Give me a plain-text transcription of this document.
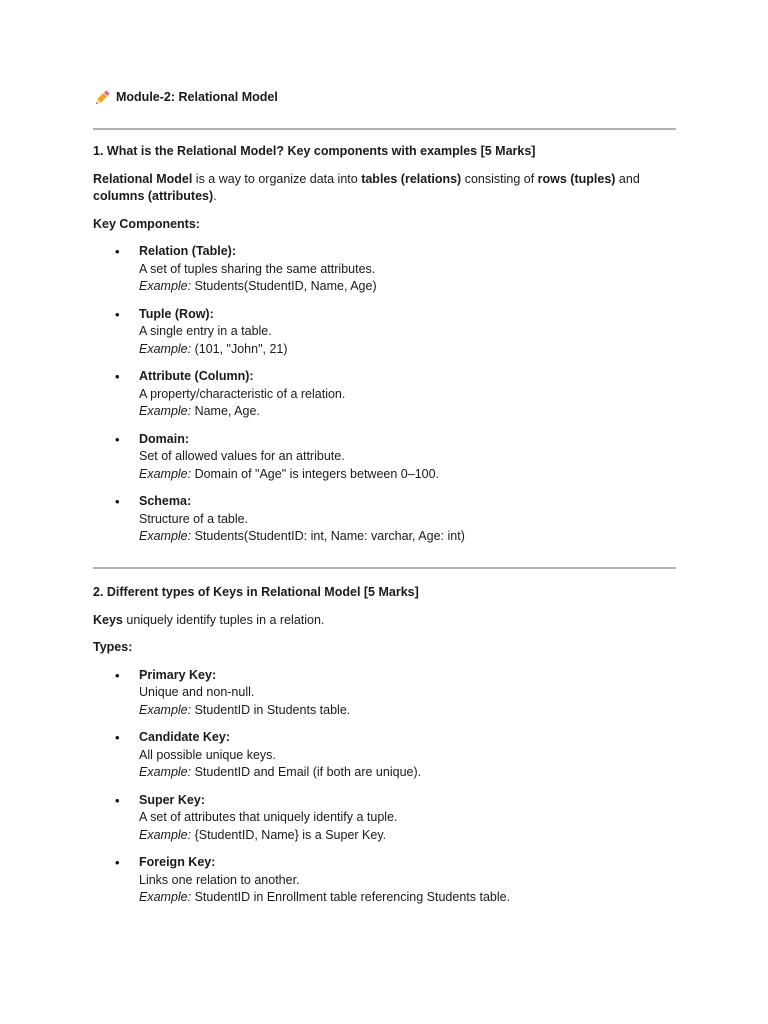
Module-2: Relational Model

1. What is the Relational Model? Key components with examples [5 Marks]

Relational Model is a way to organize data into tables (relations) consisting of rows (tuples) and columns (attributes).

Key Components:

• Relation (Table):
A set of tuples sharing the same attributes.
Example: Students(StudentID, Name, Age)
• Tuple (Row):
A single entry in a table.
Example: (101, "John", 21)
• Attribute (Column):
A property/characteristic of a relation.
Example: Name, Age.
• Domain:
Set of allowed values for an attribute.
Example: Domain of "Age" is integers between 0–100.
• Schema:
Structure of a table.
Example: Students(StudentID: int, Name: varchar, Age: int)

2. Different types of Keys in Relational Model [5 Marks]

Keys uniquely identify tuples in a relation.

Types:

• Primary Key:
Unique and non-null.
Example: StudentID in Students table.
• Candidate Key:
All possible unique keys.
Example: StudentID and Email (if both are unique).
• Super Key:
A set of attributes that uniquely identify a tuple.
Example: {StudentID, Name} is a Super Key.
• Foreign Key:
Links one relation to another.
Example: StudentID in Enrollment table referencing Students table.
